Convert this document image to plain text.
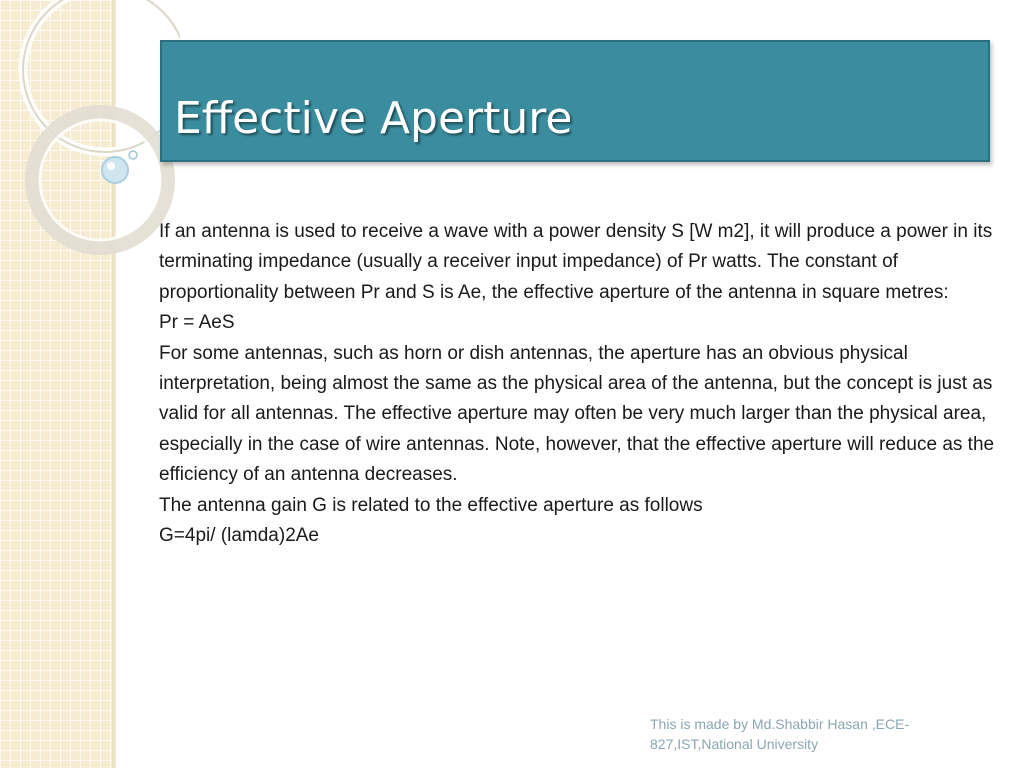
Effective Aperture

If an antenna is used to receive a wave with a power density S [W m2], it will produce a power in its terminating impedance (usually a receiver input impedance) of Pr watts. The constant of proportionality between Pr and S is Ae, the effective aperture of the antenna in square metres:

Pr = AeS

For some antennas, such as horn or dish antennas, the aperture has an obvious physical interpretation, being almost the same as the physical area of the antenna, but the concept is just as valid for all antennas. The effective aperture may often be very much larger than the physical area, especially in the case of wire antennas. Note, however, that the effective aperture will reduce as the efficiency of an antenna decreases.

The antenna gain G is related to the effective aperture as follows

G=4pi/ (lamda)2Ae

This is made by Md.Shabbir Hasan ,ECE-
827,IST,National University
